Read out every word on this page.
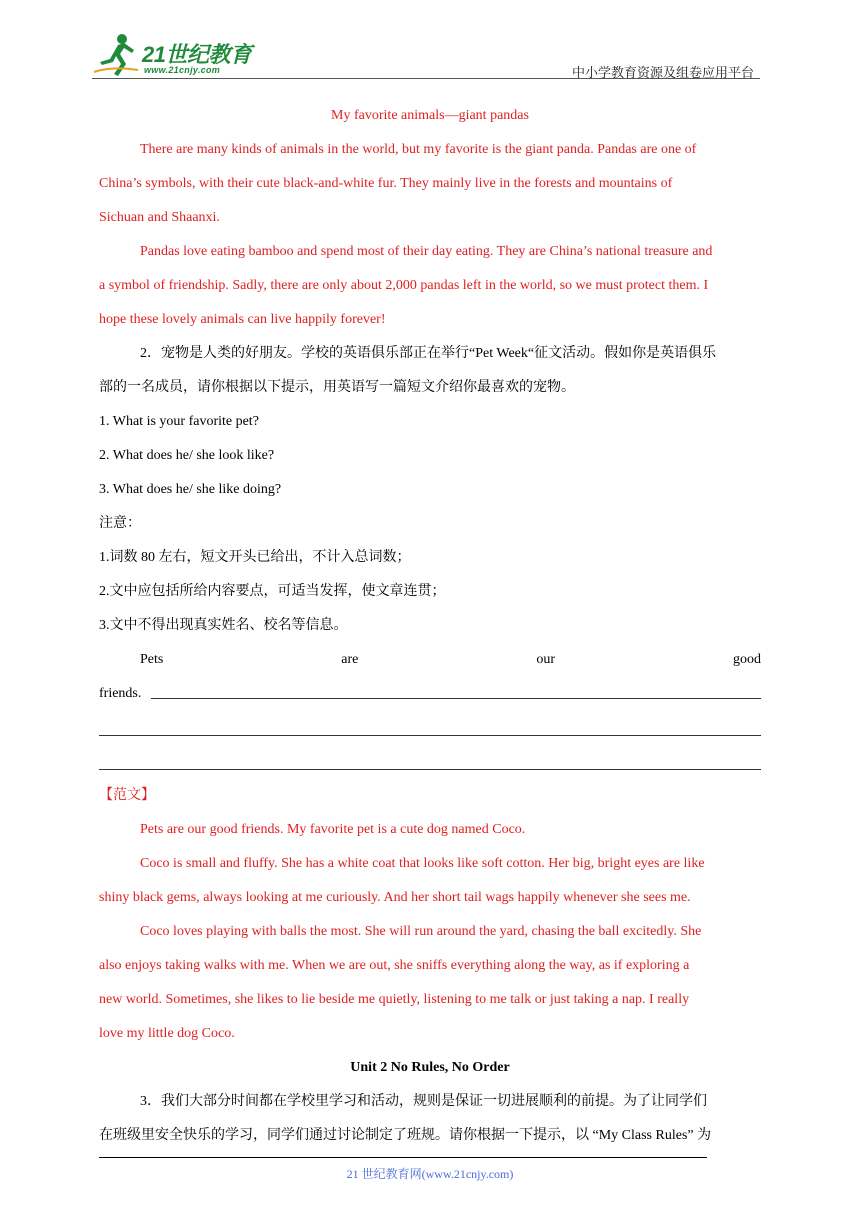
21世纪教育
www.21cnjy.com	中小学教育资源及组卷应用平台
My favorite animals—giant pandas
There are many kinds of animals in the world, but my favorite is the giant panda. Pandas are one of
China’s symbols, with their cute black-and-white fur. They mainly live in the forests and mountains of
Sichuan and Shaanxi.
Pandas love eating bamboo and spend most of their day eating. They are China’s national treasure and
a symbol of friendship. Sadly, there are only about 2,000 pandas left in the world, so we must protect them. I
hope these lovely animals can live happily forever!
2．宠物是人类的好朋友。学校的英语俱乐部正在举行“Pet Week“征文活动。假如你是英语俱乐
部的一名成员，请你根据以下提示，用英语写一篇短文介绍你最喜欢的宠物。
1. What is your favorite pet?
2. What does he/ she look like?
3. What does he/ she like doing?
注意：
1.词数 80 左右，短文开头已给出，不计入总词数；
2.文中应包括所给内容要点，可适当发挥，使文章连贯；
3.文中不得出现真实姓名、校名等信息。
Pets	are	our	good
friends.
【范文】
Pets are our good friends. My favorite pet is a cute dog named Coco.
Coco is small and fluffy. She has a white coat that looks like soft cotton. Her big, bright eyes are like
shiny black gems, always looking at me curiously. And her short tail wags happily whenever she sees me.
Coco loves playing with balls the most. She will run around the yard, chasing the ball excitedly. She
also enjoys taking walks with me. When we are out, she sniffs everything along the way, as if exploring a
new world. Sometimes, she likes to lie beside me quietly, listening to me talk or just taking a nap. I really
love my little dog Coco.
Unit 2 No Rules, No Order
3．我们大部分时间都在学校里学习和活动，规则是保证一切进展顺利的前提。为了让同学们
在班级里安全快乐的学习，同学们通过讨论制定了班规。请你根据一下提示，以 “My Class Rules” 为
21 世纪教育网(www.21cnjy.com)
